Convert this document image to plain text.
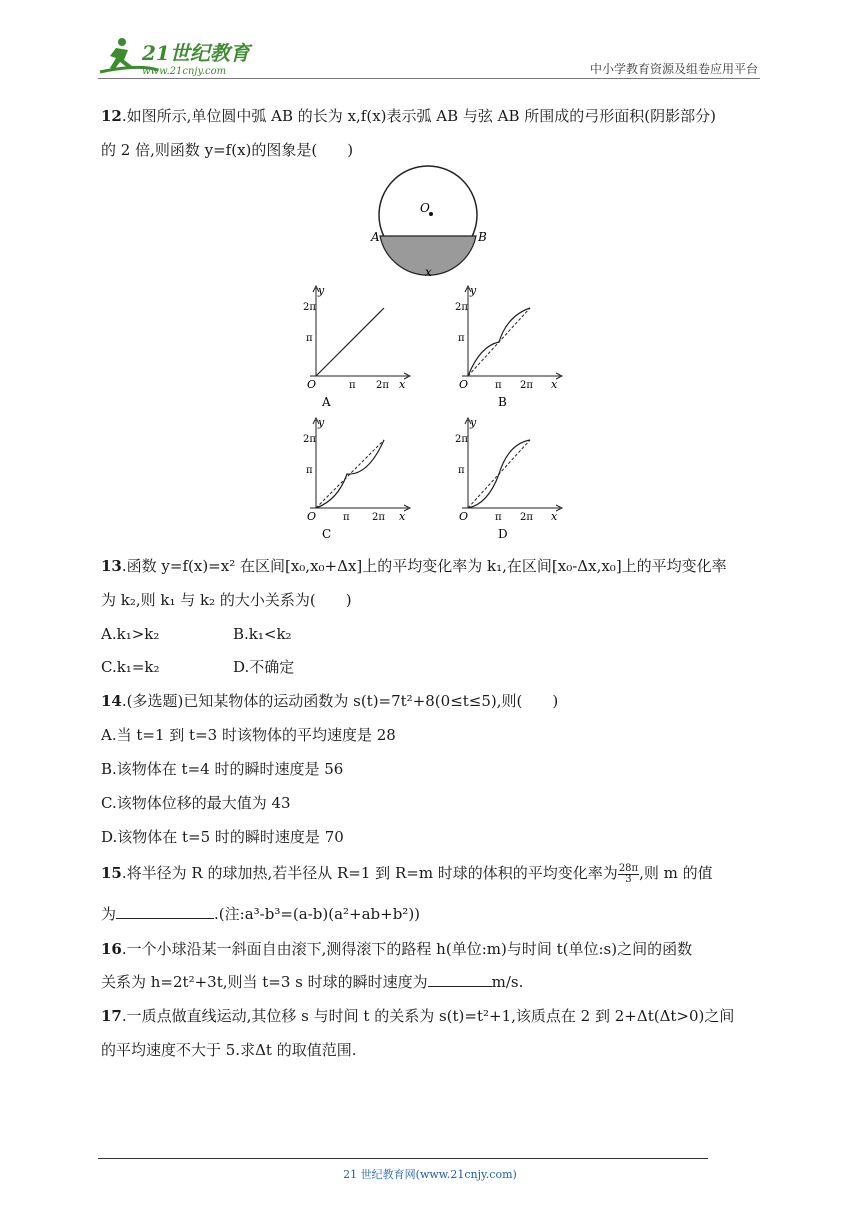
21世纪教育
www.21cnjy.com	中小学教育资源及组卷应用平台
12.如图所示,单位圆中弧 AB 的长为 x,f(x)表示弧 AB 与弦 AB 所围成的弓形面积(阴影部分)
的 2 倍,则函数 y=f(x)的图象是(　　)
O
A	B
x
y
x
O
2π
π
π 2π
A
y
x
O
2π
π
π 2π
B
y
x
O
2π
π
π 2π
C
y
x
O
2π
π
π 2π
D
13.函数 y=f(x)=x² 在区间[x₀,x₀+Δx]上的平均变化率为 k₁,在区间[x₀-Δx,x₀]上的平均变化率
为 k₂,则 k₁ 与 k₂ 的大小关系为(　　)
A.k₁>k₂	B.k₁<k₂
C.k₁=k₂	D.不确定
14.(多选题)已知某物体的运动函数为 s(t)=7t²+8(0≤t≤5),则(　　)
A.当 t=1 到 t=3 时该物体的平均速度是 28
B.该物体在 t=4 时的瞬时速度是 56
C.该物体位移的最大值为 43
D.该物体在 t=5 时的瞬时速度是 70
15.将半径为 R 的球加热,若半径从 R=1 到 R=m 时球的体积的平均变化率为 $\frac{28\pi}{3}$ ,则 m 的值
为	.(注:a³-b³=(a-b)(a²+ab+b²))
16.一个小球沿某一斜面自由滚下,测得滚下的路程 h(单位:m)与时间 t(单位:s)之间的函数
关系为 h=2t²+3t,则当 t=3 s 时球的瞬时速度为	m/s.
17.一质点做直线运动,其位移 s 与时间 t 的关系为 s(t)=t²+1,该质点在 2 到 2+Δt(Δt>0)之间
的平均速度不大于 5.求Δt 的取值范围.
21 世纪教育网(www.21cnjy.com)
